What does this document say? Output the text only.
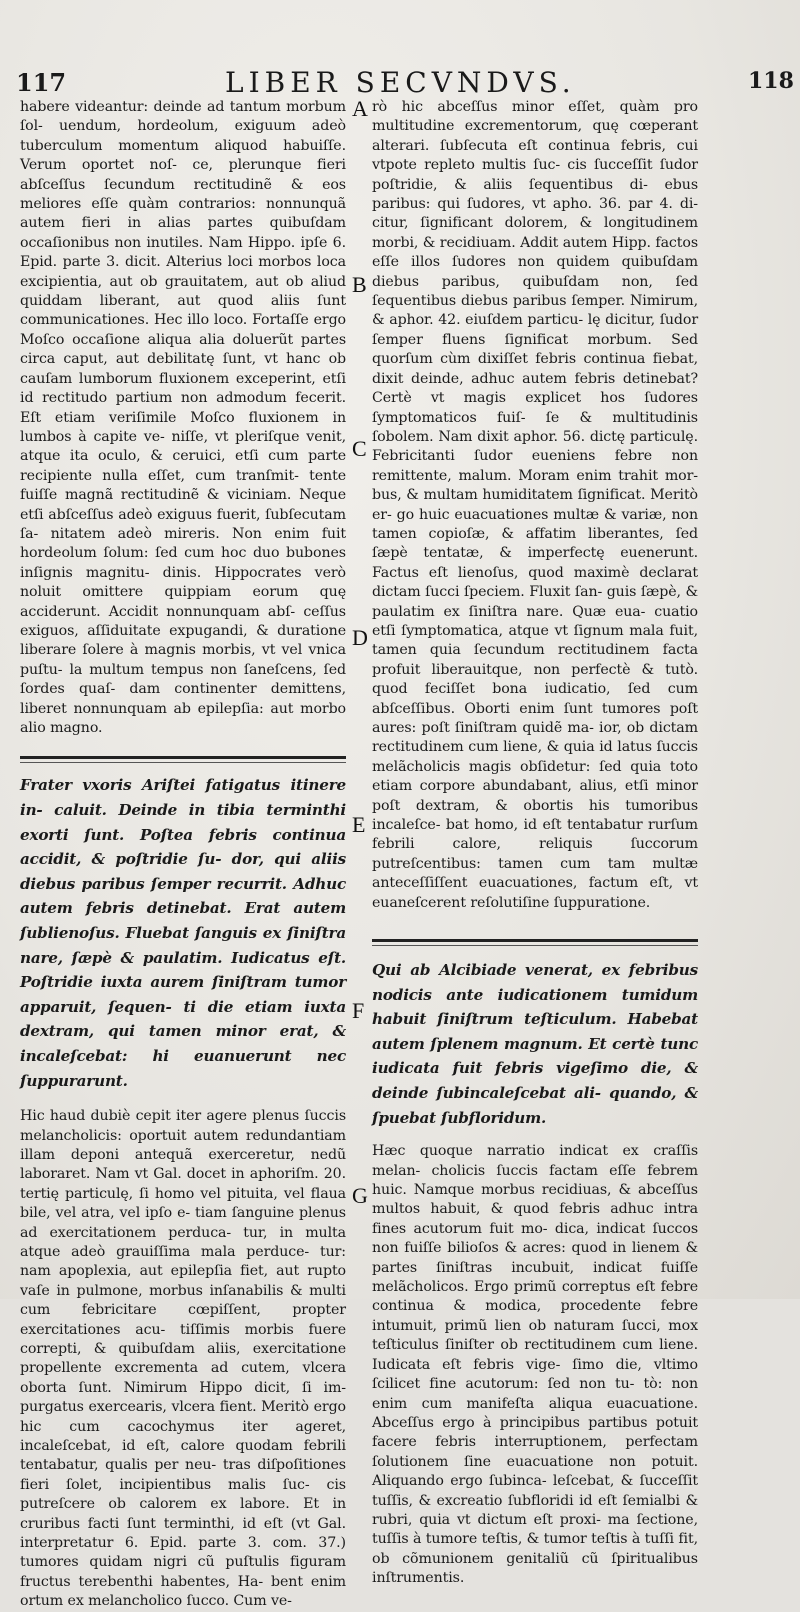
117	LIBER SECVNDVS.	118
A
B
C
D
E
F
G

habere videantur: deinde ad tantum morbum ſol- uendum, hordeolum, exiguum adeò tuberculum momentum aliquod habuiſſe. Verum oportet noſ- ce, plerunque fieri abſceſſus ſecundum rectitudinẽ & eos meliores eſſe quàm contrarios: nonnunquã autem fieri in alias partes quibuſdam occaſionibus non inutiles. Nam Hippo. ipſe 6. Epid. parte 3. dicit. Alterius loci morbos loca excipientia, aut ob grauitatem, aut ob aliud quiddam liberant, aut quod aliis ſunt communicationes. Hec illo loco. Fortaſſe ergo Moſco occaſione aliqua alia doluerũt partes circa caput, aut debilitatę ſunt, vt hanc ob cauſam lumborum fluxionem exceperint, etſi id rectitudo partium non admodum fecerit. Eſt etiam veriſimile Moſco fluxionem in lumbos à capite ve- niſſe, vt pleriſque venit, atque ita oculo, & ceruici, etſi cum parte recipiente nulla eſſet, cum tranſmit- tente fuiſſe magnã rectitudinẽ & viciniam. Neque etſi abſceſſus adeò exiguus fuerit, ſubſecutam ſa- nitatem adeò mireris. Non enim fuit hordeolum ſolum: ſed cum hoc duo bubones inſignis magnitu- dinis. Hippocrates verò noluit omittere quippiam eorum quę acciderunt. Accidit nonnunquam abſ- ceſſus exiguos, aſſiduitate expugandi, & duratione liberare ſolere à magnis morbis, vt vel vnica puſtu- la multum tempus non ſaneſcens, ſed ſordes quaſ- dam continenter demittens, liberet nonnunquam ab epilepſia: aut morbo alio magno.

Frater vxoris Ariſtei fatigatus itinere in- caluit. Deinde in tibia terminthi exorti ſunt. Poſtea febris continua accidit, & poſtridie ſu- dor, qui aliis diebus paribus ſemper recurrit. Adhuc autem febris detinebat. Erat autem ſublienoſus. Fluebat ſanguis ex ſiniſtra nare, ſæpè & paulatim. Iudicatus eſt. Poſtridie iuxta aurem ſiniſtram tumor apparuit, ſequen- ti die etiam iuxta dextram, qui tamen minor erat, & incaleſcebat: hi euanuerunt nec ſuppurarunt.

Hic haud dubiè cepit iter agere plenus ſuccis melancholicis: oportuit autem redundantiam illam deponi antequã exerceretur, nedũ laboraret. Nam vt Gal. docet in aphoriſm. 20. tertię particulę, ſi homo vel pituita, vel flaua bile, vel atra, vel ipſo e- tiam ſanguine plenus ad exercitationem perduca- tur, in multa atque adeò grauiſſima mala perduce- tur: nam apoplexia, aut epilepſia fiet, aut rupto vaſe in pulmone, morbus inſanabilis & multi cum febricitare cœpiſſent, propter exercitationes acu- tiſſimis morbis fuere correpti, & quibuſdam aliis, exercitatione propellente excrementa ad cutem, vlcera oborta ſunt. Nimirum Hippo dicit, ſi im- purgatus exercearis, vlcera fient. Meritò ergo hic cum cacochymus iter ageret, incaleſcebat, id eſt, calore quodam febrili tentabatur, qualis per neu- tras diſpoſitiones fieri ſolet, incipientibus malis ſuc- cis putreſcere ob calorem ex labore. Et in cruribus facti ſunt terminthi, id eſt (vt Gal. interpretatur 6. Epid. parte 3. com. 37.) tumores quidam nigri cũ puſtulis figuram fructus terebenthi habentes, Ha- bent enim ortum ex melancholico ſucco. Cum ve-

rò hic abceſſus minor eſſet, quàm pro multitudine excrementorum, quę cœperant alterari. ſubſecuta eſt continua febris, cui vtpote repleto multis ſuc- cis ſucceſſit ſudor poſtridie, & aliis ſequentibus di- ebus paribus: qui ſudores, vt apho. 36. par 4. di- citur, ſignificant dolorem, & longitudinem morbi, & recidiuam. Addit autem Hipp. factos eſſe illos ſudores non quidem quibuſdam diebus paribus, quibuſdam non, ſed ſequentibus diebus paribus ſemper. Nimirum, & aphor. 42. eiuſdem particu- lę dicitur, ſudor ſemper fluens ſignificat morbum. Sed quorſum cùm dixiſſet febris continua fiebat, dixit deinde, adhuc autem febris detinebat? Certè vt magis explicet hos ſudores ſymptomaticos fuiſ- ſe & multitudinis ſobolem. Nam dixit aphor. 56. dictę particulę. Febricitanti ſudor eueniens febre non remittente, malum. Moram enim trahit mor- bus, & multam humiditatem ſignificat. Meritò er- go huic euacuationes multæ & variæ, non tamen copioſæ, & affatim liberantes, ſed ſæpè tentatæ, & imperfectę euenerunt. Factus eſt lienoſus, quod maximè declarat dictam ſucci ſpeciem. Fluxit ſan- guis ſæpè, & paulatim ex ſiniſtra nare. Quæ eua- cuatio etſi ſymptomatica, atque vt ſignum mala fuit, tamen quia ſecundum rectitudinem facta profuit liberauitque, non perfectè & tutò. quod feciſſet bona iudicatio, ſed cum abſceſſibus. Oborti enim ſunt tumores poſt aures: poſt ſiniſtram quidẽ ma- ior, ob dictam rectitudinem cum liene, & quia id latus ſuccis melãcholicis magis obſidetur: ſed quia toto etiam corpore abundabant, alius, etſi minor poſt dextram, & obortis his tumoribus incaleſce- bat homo, id eſt tentabatur rurſum febrili calore, reliquis ſuccorum putreſcentibus: tamen cum tam multæ anteceſſiſſent euacuationes, factum eſt, vt euaneſcerent reſolutiſine ſuppuratione.

Qui ab Alcibiade venerat, ex febribus nodicis ante iudicationem tumidum habuit ſiniſtrum teſticulum. Habebat autem ſplenem magnum. Et certè tunc iudicata fuit febris vigeſimo die, & deinde ſubincaleſcebat ali- quando, & ſpuebat ſubfloridum.

Hæc quoque narratio indicat ex craſſis melan- cholicis ſuccis factam eſſe febrem huic. Namque morbus recidiuas, & abceſſus multos habuit, & quod febris adhuc intra fines acutorum fuit mo- dica, indicat ſuccos non fuiſſe bilioſos & acres: quod in lienem & partes ſiniſtras incubuit, indicat fuiſſe melãcholicos. Ergo primũ correptus eſt febre continua & modica, procedente febre intumuit, primũ lien ob naturam ſucci, mox teſticulus ſiniſter ob rectitudinem cum liene. Iudicata eſt febris vige- ſimo die, vltimo ſcilicet fine acutorum: ſed non tu- tò: non enim cum manifeſta aliqua euacuatione. Abceſſus ergo à principibus partibus potuit facere febris interruptionem, perfectam ſolutionem ſine euacuatione non potuit. Aliquando ergo ſubinca- leſcebat, & ſucceſſit tuſſis, & excreatio ſubfloridi id eſt ſemialbi & rubri, quia vt dictum eſt proxi- ma ſectione, tuſſis à tumore teſtis, & tumor teſtis à tuſſi fit, ob cõmunionem genitaliũ cũ ſpiritualibus inſtrumentis.
